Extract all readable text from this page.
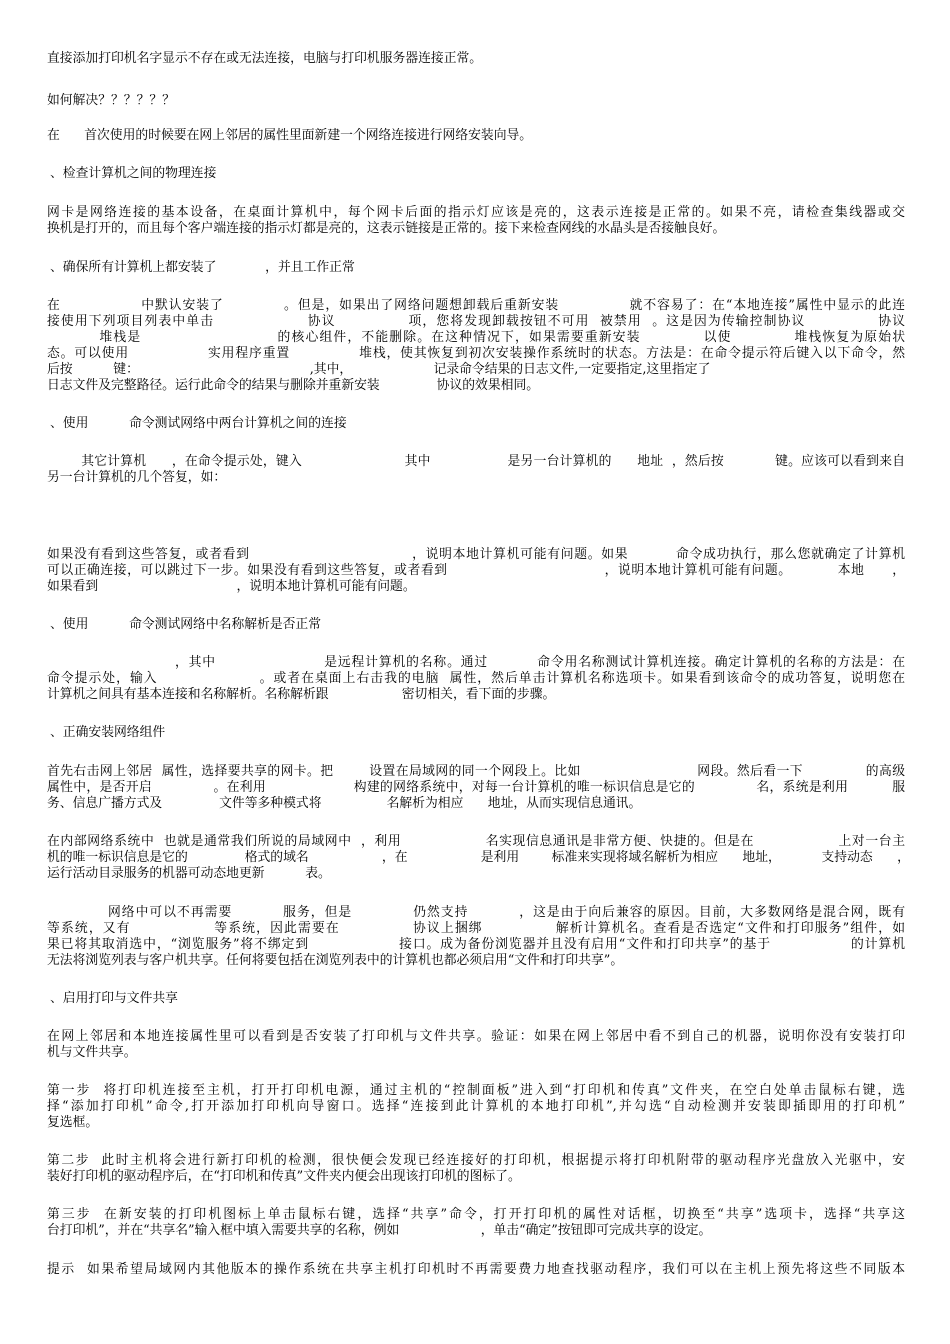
直接添加打印机名字显示不存在或无法连接，电脑与打印机服务器连接正常。

如何解决？？？？？？

在      首次使用的时候要在网上邻居的属性里面新建一个网络连接进行网络安装向导。

、检查计算机之间的物理连接

网卡是网络连接的基本设备，在桌面计算机中，每个网卡后面的指示灯应该是亮的，这表示连接是正常的。如果不亮，请检查集线器或交

换机是打开的，而且每个客户端连接的指示灯都是亮的，这表示链接是正常的。接下来检查网线的水晶头是否接触良好。

、确保所有计算机上都安装了            ，并且工作正常

在                中默认安装了            。但是，如果出了网络问题想卸载后重新安装              就不容易了：在“本地连接”属性中显示的此连

接使用下列项目列表中单击                  协议              项，您将发现卸载按钮不可用  被禁用  。这是因为传输控制协议              协议

堆栈是                          的核心组件，不能删除。在这种情况下，如果需要重新安装            以使            堆栈恢复为原始状

态。可以使用                实用程序重置              堆栈，使其恢复到初次安装操作系统时的状态。方法是：在命令提示符后键入以下命令，然

后按          键：                                          ,其中，                    记录命令结果的日志文件,一定要指定,这里指定了

日志文件及完整路径。运行此命令的结果与删除并重新安装              协议的效果相同。

、使用          命令测试网络中两台计算机之间的连接

其它计算机      ，在命令提示处，键入                        其中                  是另一台计算机的      地址  ，然后按            键。应该可以看到来自

另一台计算机的几个答复，如：

如果没有看到这些答复，或者看到                                  ，说明本地计算机可能有问题。如果          命令成功执行，那么您就确定了计算机

可以正确连接，可以跳过下一步。如果没有看到这些答复，或者看到                                  ，说明本地计算机可能有问题。          本地      ，

如果看到                                  ，说明本地计算机可能有问题。

、使用          命令测试网络中名称解析是否正常

，其中                      是远程计算机的名称。通过          命令用名称测试计算机连接。确定计算机的名称的方法是：在

命令提示处，输入                    。或者在桌面上右击我的电脑  属性，然后单击计算机名称选项卡。如果看到该命令的成功答复，说明您在

计算机之间具有基本连接和名称解析。名称解析跟                  密切相关，看下面的步骤。

、正确安装网络组件

首先右击网上邻居  属性，选择要共享的网卡。把        设置在局域网的同一个网段上。比如                          网段。然后看一下              的高级

属性中，是否开启              。在利用                    构建的网络系统中，对每一台计算机的唯一标识信息是它的              名，系统是利用          服

务、信息广播方式及              文件等多种模式将                名解析为相应      地址，从而实现信息通讯。

在内部网络系统中  也就是通常我们所说的局域网中  ，利用                  名实现信息通讯是非常方便、快捷的。但是在                  上对一台主

机的唯一标识信息是它的              格式的域名                  ，在                  是利用        标准来实现将域名解析为相应      地址，          支持动态      ，

运行活动目录服务的机器可动态地更新          表。

网络中可以不再需要          服务，但是            仍然支持          ，这是由于向后兼容的原因。目前，大多数网络是混合网，既有

等系统，又有                等系统，因此需要在              协议上捆绑              解析计算机名。查看是否选定“文件和打印服务”组件，如

果已将其取消选中，“浏览服务”将不绑定到                  接口。成为备份浏览器并且没有启用“文件和打印共享”的基于                的计算机

无法将浏览列表与客户机共享。任何将要包括在浏览列表中的计算机也都必须启用“文件和打印共享”。

、启用打印与文件共享

在网上邻居和本地连接属性里可以看到是否安装了打印机与文件共享。验证：如果在网上邻居中看不到自己的机器，说明你没有安装打印

机与文件共享。

第一步  将打印机连接至主机，打开打印机电源，通过主机的“控制面板”进入到“打印机和传真”文件夹，在空白处单击鼠标右键，选

择“添加打印机”命令,打开添加打印机向导窗口。选择“连接到此计算机的本地打印机”,并勾选“自动检测并安装即插即用的打印机”

复选框。

第二步  此时主机将会进行新打印机的检测，很快便会发现已经连接好的打印机，根据提示将打印机附带的驱动程序光盘放入光驱中，安

装好打印机的驱动程序后，在“打印机和传真”文件夹内便会出现该打印机的图标了。

第三步  在新安装的打印机图标上单击鼠标右键，选择“共享”命令，打开打印机的属性对话框，切换至“共享”选项卡，选择“共享这

台打印机”，并在“共享名”输入框中填入需要共享的名称，例如                    ，单击“确定”按钮即可完成共享的设定。

提示  如果希望局域网内其他版本的操作系统在共享主机打印机时不再需要费力地查找驱动程序，我们可以在主机上预先将这些不同版本
